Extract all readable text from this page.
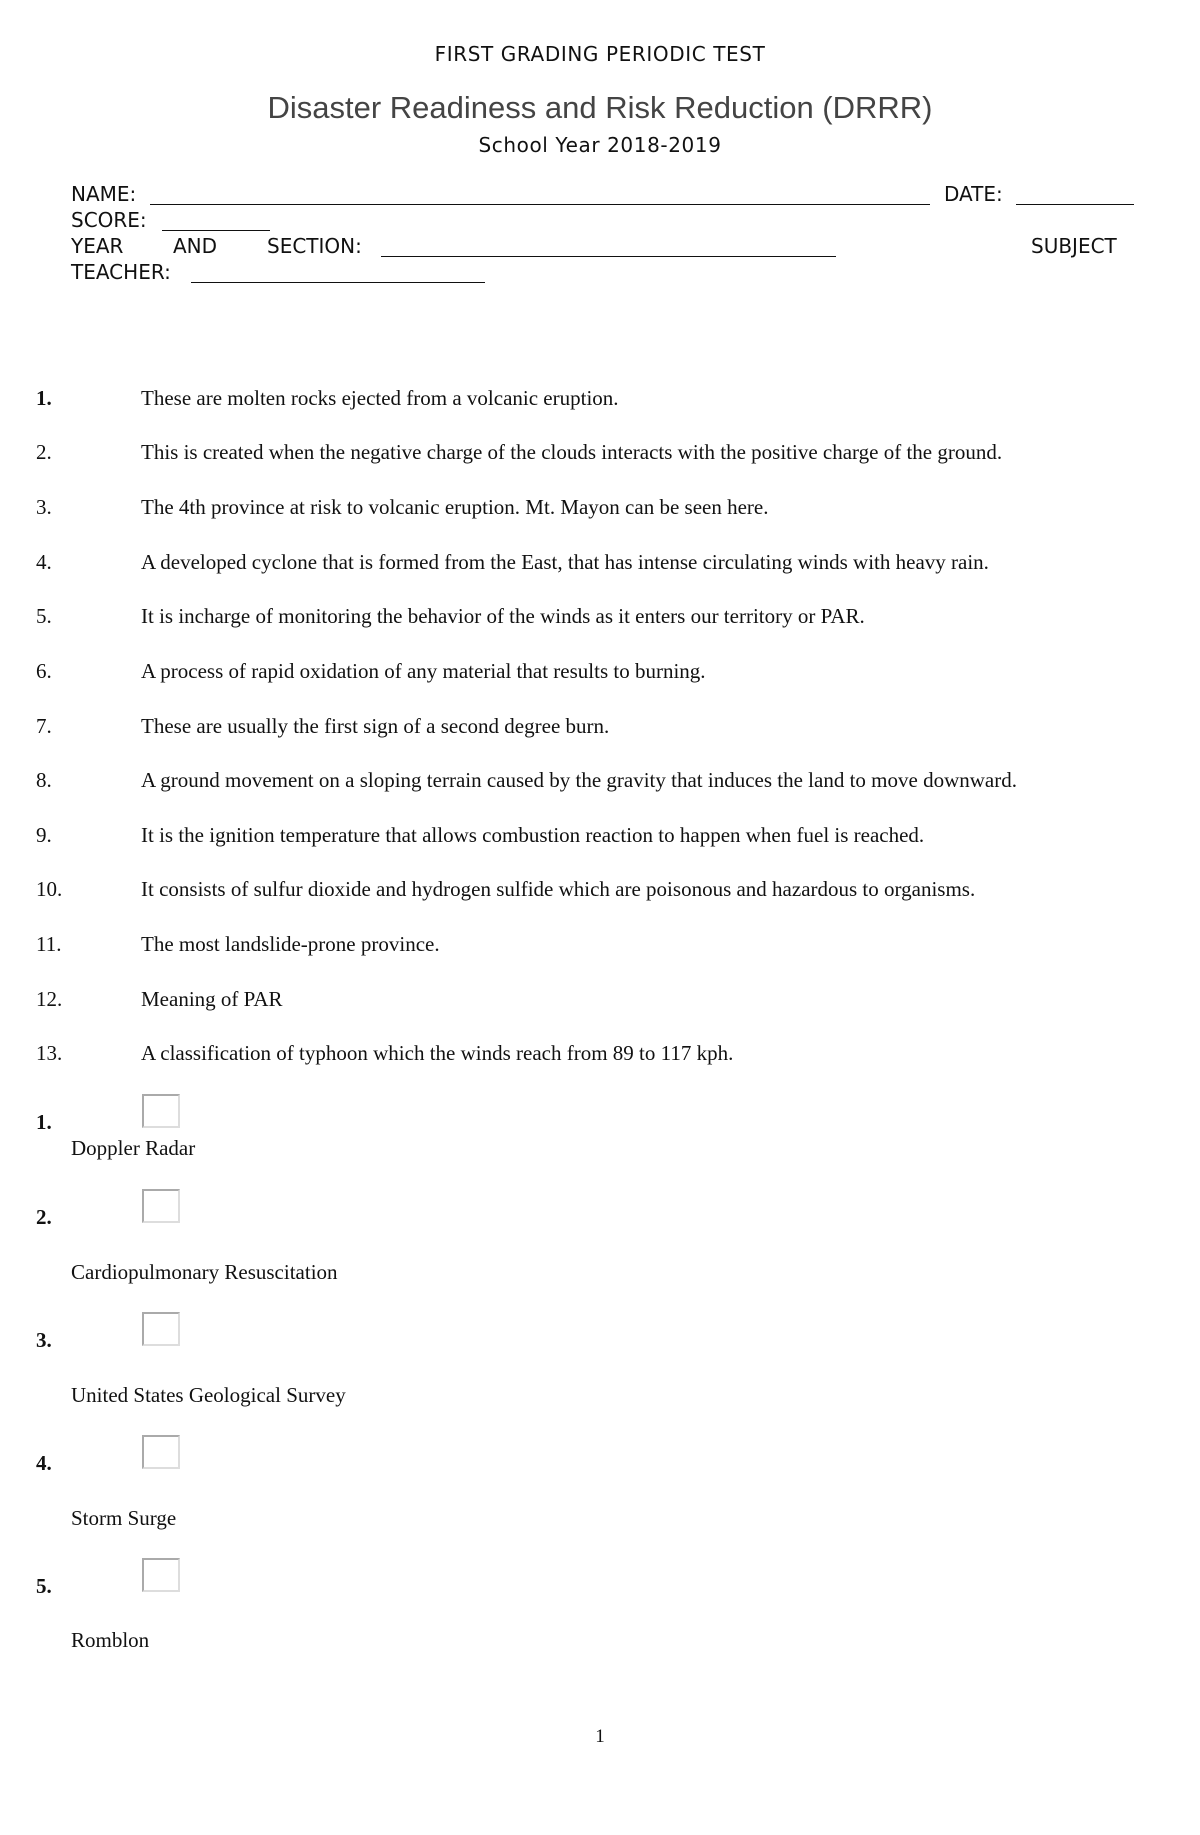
FIRST GRADING PERIODIC TEST
Disaster Readiness and Risk Reduction (DRRR)
School Year 2018-2019
NAME:	DATE:
SCORE:
YEAR AND SECTION:	SUBJECT
TEACHER:
1.	These are molten rocks ejected from a volcanic eruption.
2.	This is created when the negative charge of the clouds interacts with the positive charge of the ground.
3.	The 4th province at risk to volcanic eruption. Mt. Mayon can be seen here.
4.	A developed cyclone that is formed from the East, that has intense circulating winds with heavy rain.
5.	It is incharge of monitoring the behavior of the winds as it enters our territory or PAR.
6.	A process of rapid oxidation of any material that results to burning.
7.	These are usually the first sign of a second degree burn.
8.	A ground movement on a sloping terrain caused by the gravity that induces the land to move downward.
9.	It is the ignition temperature that allows combustion reaction to happen when fuel is reached.
10.	It consists of sulfur dioxide and hydrogen sulfide which are poisonous and hazardous to organisms.
11.	The most landslide-prone province.
12.	Meaning of PAR
13.	A classification of typhoon which the winds reach from 89 to 117 kph.
1.
Doppler Radar
2.
Cardiopulmonary Resuscitation
3.
United States Geological Survey
4.
Storm Surge
5.
Romblon
1
